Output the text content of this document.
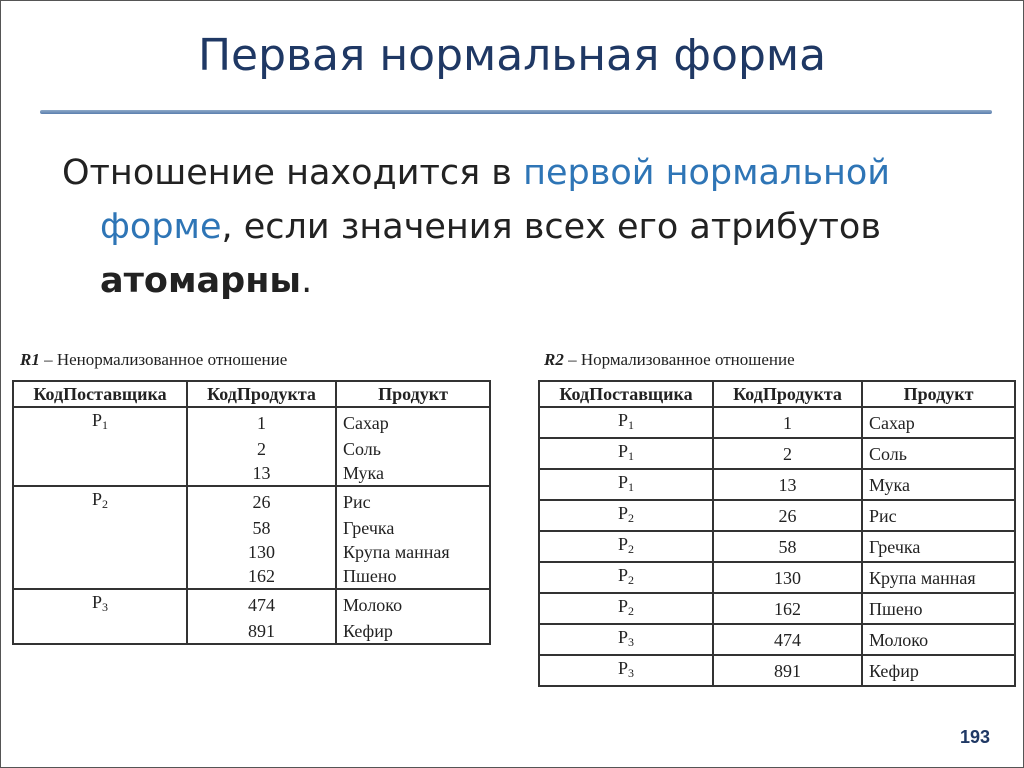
Первая нормальная форма
Отношение находится в первой нормальной
форме, если значения всех его атрибутов
атомарны.
R1 – Ненормализованное отношение
КодПоставщика	КодПродукта	Продукт
$P_1$	1	Сахар
	2	Соль
	13	Мука
$P_2$	26	Рис
	58	Гречка
	130	Крупа манная
	162	Пшено
$P_3$	474	Молоко
	891	Кефир
R2 – Нормализованное отношение
КодПоставщика	КодПродукта	Продукт
$P_1$	1	Сахар
$P_1$	2	Соль
$P_1$	13	Мука
$P_2$	26	Рис
$P_2$	58	Гречка
$P_2$	130	Крупа манная
$P_2$	162	Пшено
$P_3$	474	Молоко
$P_3$	891	Кефир
193
